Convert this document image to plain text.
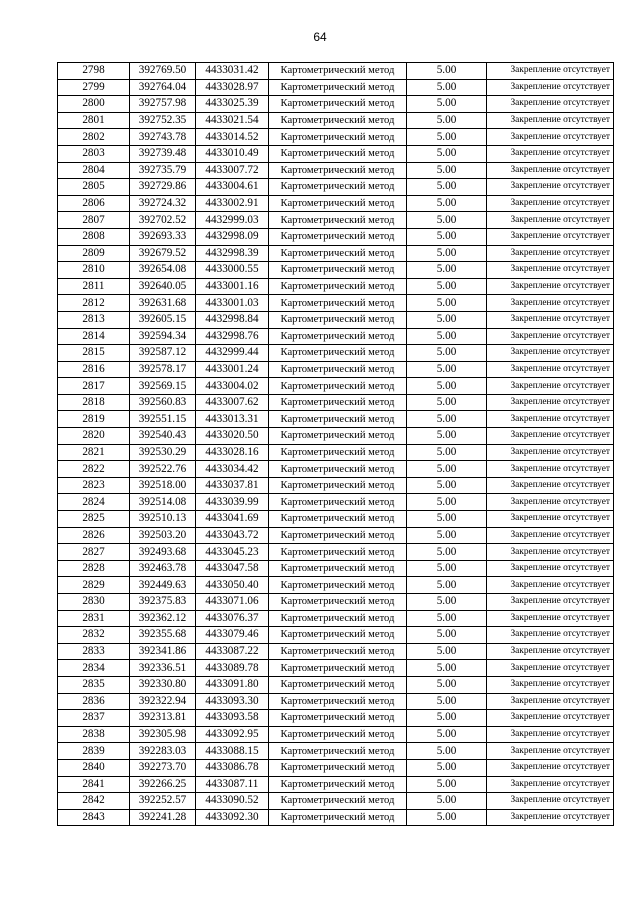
64
2798	392769.50	4433031.42	Картометрический метод	5.00	Закрепление отсутствует
2799	392764.04	4433028.97	Картометрический метод	5.00	Закрепление отсутствует
2800	392757.98	4433025.39	Картометрический метод	5.00	Закрепление отсутствует
2801	392752.35	4433021.54	Картометрический метод	5.00	Закрепление отсутствует
2802	392743.78	4433014.52	Картометрический метод	5.00	Закрепление отсутствует
2803	392739.48	4433010.49	Картометрический метод	5.00	Закрепление отсутствует
2804	392735.79	4433007.72	Картометрический метод	5.00	Закрепление отсутствует
2805	392729.86	4433004.61	Картометрический метод	5.00	Закрепление отсутствует
2806	392724.32	4433002.91	Картометрический метод	5.00	Закрепление отсутствует
2807	392702.52	4432999.03	Картометрический метод	5.00	Закрепление отсутствует
2808	392693.33	4432998.09	Картометрический метод	5.00	Закрепление отсутствует
2809	392679.52	4432998.39	Картометрический метод	5.00	Закрепление отсутствует
2810	392654.08	4433000.55	Картометрический метод	5.00	Закрепление отсутствует
2811	392640.05	4433001.16	Картометрический метод	5.00	Закрепление отсутствует
2812	392631.68	4433001.03	Картометрический метод	5.00	Закрепление отсутствует
2813	392605.15	4432998.84	Картометрический метод	5.00	Закрепление отсутствует
2814	392594.34	4432998.76	Картометрический метод	5.00	Закрепление отсутствует
2815	392587.12	4432999.44	Картометрический метод	5.00	Закрепление отсутствует
2816	392578.17	4433001.24	Картометрический метод	5.00	Закрепление отсутствует
2817	392569.15	4433004.02	Картометрический метод	5.00	Закрепление отсутствует
2818	392560.83	4433007.62	Картометрический метод	5.00	Закрепление отсутствует
2819	392551.15	4433013.31	Картометрический метод	5.00	Закрепление отсутствует
2820	392540.43	4433020.50	Картометрический метод	5.00	Закрепление отсутствует
2821	392530.29	4433028.16	Картометрический метод	5.00	Закрепление отсутствует
2822	392522.76	4433034.42	Картометрический метод	5.00	Закрепление отсутствует
2823	392518.00	4433037.81	Картометрический метод	5.00	Закрепление отсутствует
2824	392514.08	4433039.99	Картометрический метод	5.00	Закрепление отсутствует
2825	392510.13	4433041.69	Картометрический метод	5.00	Закрепление отсутствует
2826	392503.20	4433043.72	Картометрический метод	5.00	Закрепление отсутствует
2827	392493.68	4433045.23	Картометрический метод	5.00	Закрепление отсутствует
2828	392463.78	4433047.58	Картометрический метод	5.00	Закрепление отсутствует
2829	392449.63	4433050.40	Картометрический метод	5.00	Закрепление отсутствует
2830	392375.83	4433071.06	Картометрический метод	5.00	Закрепление отсутствует
2831	392362.12	4433076.37	Картометрический метод	5.00	Закрепление отсутствует
2832	392355.68	4433079.46	Картометрический метод	5.00	Закрепление отсутствует
2833	392341.86	4433087.22	Картометрический метод	5.00	Закрепление отсутствует
2834	392336.51	4433089.78	Картометрический метод	5.00	Закрепление отсутствует
2835	392330.80	4433091.80	Картометрический метод	5.00	Закрепление отсутствует
2836	392322.94	4433093.30	Картометрический метод	5.00	Закрепление отсутствует
2837	392313.81	4433093.58	Картометрический метод	5.00	Закрепление отсутствует
2838	392305.98	4433092.95	Картометрический метод	5.00	Закрепление отсутствует
2839	392283.03	4433088.15	Картометрический метод	5.00	Закрепление отсутствует
2840	392273.70	4433086.78	Картометрический метод	5.00	Закрепление отсутствует
2841	392266.25	4433087.11	Картометрический метод	5.00	Закрепление отсутствует
2842	392252.57	4433090.52	Картометрический метод	5.00	Закрепление отсутствует
2843	392241.28	4433092.30	Картометрический метод	5.00	Закрепление отсутствует
